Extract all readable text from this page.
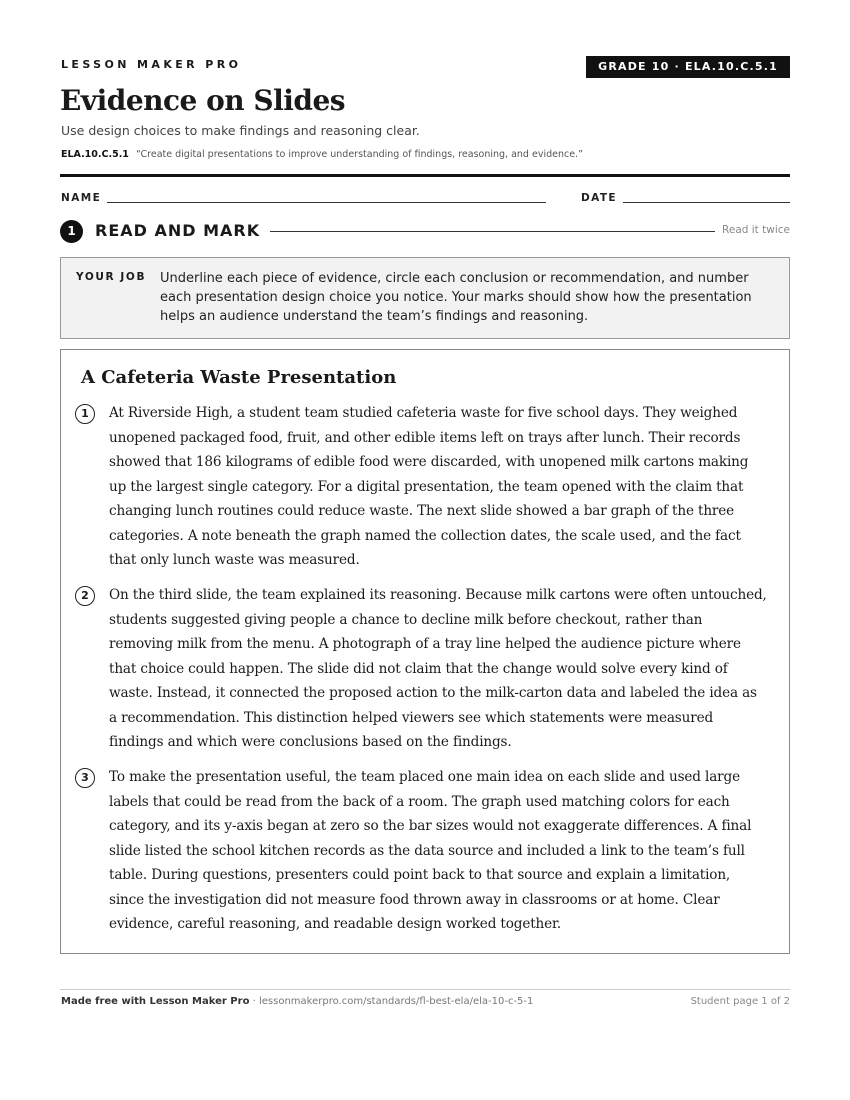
LESSON MAKER PRO	GRADE 10 · ELA.10.C.5.1
Evidence on Slides
Use design choices to make findings and reasoning clear.
ELA.10.C.5.1 “Create digital presentations to improve understanding of findings, reasoning, and evidence.”
NAME	DATE
1	READ AND MARK	Read it twice
YOUR JOB Underline each piece of evidence, circle each conclusion or recommendation, and number each presentation design choice you notice. Your marks should show how the presentation helps an audience understand the team’s findings and reasoning.
A Cafeteria Waste Presentation
1	At Riverside High, a student team studied cafeteria waste for five school days. They weighed unopened packaged food, fruit, and other edible items left on trays after lunch. Their records showed that 186 kilograms of edible food were discarded, with unopened milk cartons making up the largest single category. For a digital presentation, the team opened with the claim that changing lunch routines could reduce waste. The next slide showed a bar graph of the three categories. A note beneath the graph named the collection dates, the scale used, and the fact that only lunch waste was measured.
2	On the third slide, the team explained its reasoning. Because milk cartons were often untouched, students suggested giving people a chance to decline milk before checkout, rather than removing milk from the menu. A photograph of a tray line helped the audience picture where that choice could happen. The slide did not claim that the change would solve every kind of waste. Instead, it connected the proposed action to the milk-carton data and labeled the idea as a recommendation. This distinction helped viewers see which statements were measured findings and which were conclusions based on the findings.
3	To make the presentation useful, the team placed one main idea on each slide and used large labels that could be read from the back of a room. The graph used matching colors for each category, and its y-axis began at zero so the bar sizes would not exaggerate differences. A final slide listed the school kitchen records as the data source and included a link to the team’s full table. During questions, presenters could point back to that source and explain a limitation, since the investigation did not measure food thrown away in classrooms or at home. Clear evidence, careful reasoning, and readable design worked together.
Made free with Lesson Maker Pro · lessonmakerpro.com/standards/fl-best-ela/ela-10-c-5-1	Student page 1 of 2
